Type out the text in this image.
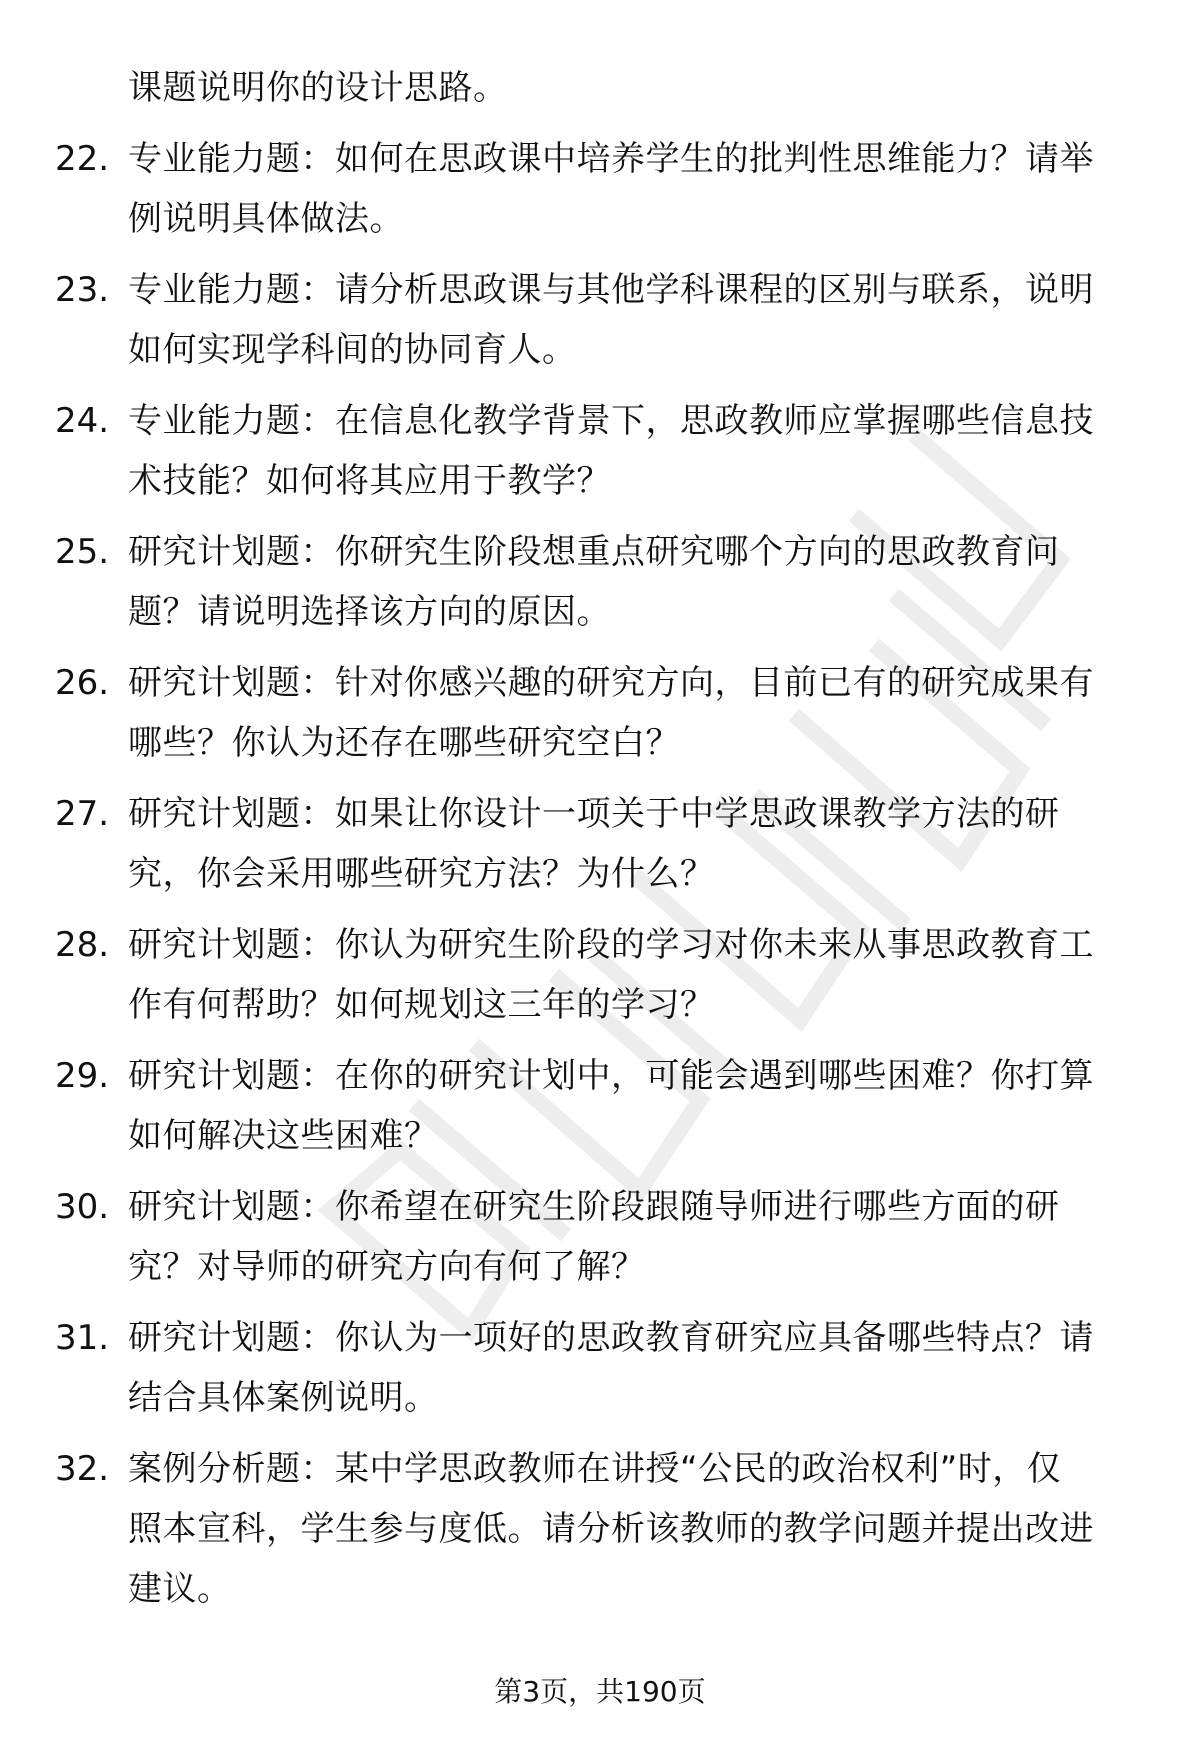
课题说明你的设计思路。
22. 专业能力题：如何在思政课中培养学生的批判性思维能力？请举
例说明具体做法。
23. 专业能力题：请分析思政课与其他学科课程的区别与联系，说明
如何实现学科间的协同育人。
24. 专业能力题：在信息化教学背景下，思政教师应掌握哪些信息技
术技能？如何将其应用于教学？
25. 研究计划题：你研究生阶段想重点研究哪个方向的思政教育问
题？请说明选择该方向的原因。
26. 研究计划题：针对你感兴趣的研究方向，目前已有的研究成果有
哪些？你认为还存在哪些研究空白？
27. 研究计划题：如果让你设计一项关于中学思政课教学方法的研
究，你会采用哪些研究方法？为什么？
28. 研究计划题：你认为研究生阶段的学习对你未来从事思政教育工
作有何帮助？如何规划这三年的学习？
29. 研究计划题：在你的研究计划中，可能会遇到哪些困难？你打算
如何解决这些困难？
30. 研究计划题：你希望在研究生阶段跟随导师进行哪些方面的研
究？对导师的研究方向有何了解？
31. 研究计划题：你认为一项好的思政教育研究应具备哪些特点？请
结合具体案例说明。
32. 案例分析题：某中学思政教师在讲授“公民的政治权利”时，仅
照本宣科，学生参与度低。请分析该教师的教学问题并提出改进
建议。
第3页，共190页
